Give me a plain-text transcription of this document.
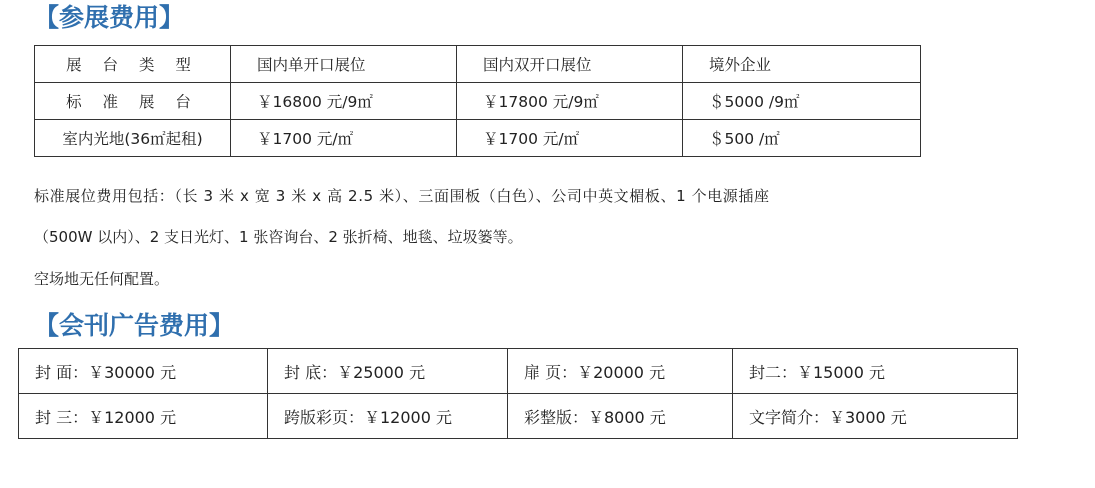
【参展费用】
展 台 类 型	国内单开口展位	国内双开口展位	境外企业
标 准 展 台	￥16800 元/9㎡	￥17800 元/9㎡	＄5000 /9㎡
室内光地(36㎡起租)	￥1700 元/㎡	￥1700 元/㎡	＄500 /㎡
标准展位费用包括：（长 3 米 x 宽 3 米 x 高 2.5 米）、三面围板（白色）、公司中英文楣板、1 个电源插座
（500W 以内）、2 支日光灯、1 张咨询台、2 张折椅、地毯、垃圾篓等。
空场地无任何配置。
【会刊广告费用】
封 面：￥30000 元	封 底：￥25000 元	扉 页：￥20000 元	封二：￥15000 元
封 三：￥12000 元	跨版彩页：￥12000 元	彩整版：￥8000 元	文字简介：￥3000 元
